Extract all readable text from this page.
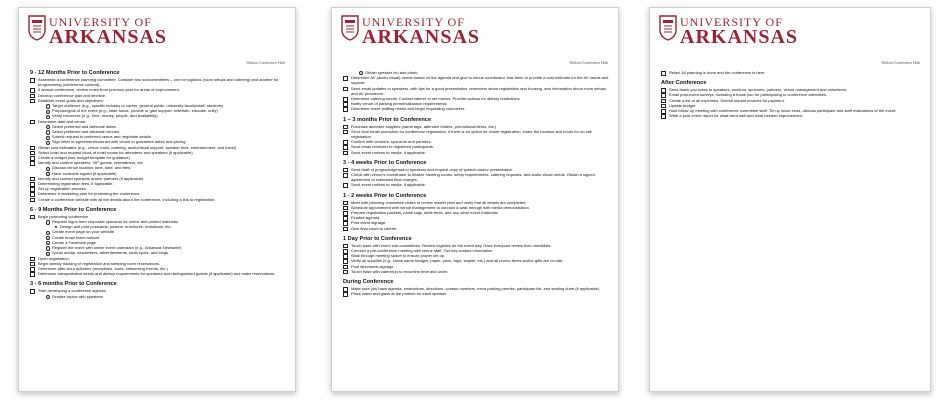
UNIVERSITY OF
ARKANSAS
Walton Conference Hub
9 - 12 Months Prior to Conference
Assemble a conference planning committee. Consider two subcommittees – one for logistics (room setups and catering) and another for programming (conference content).
If annual conference, review notes from previous year for areas of improvement.
Develop conference plan and timeline.
Establish event goals and objectives:
Target audience (e.g., specific industry or career, general public, university faculty/staff, students)
Purpose/goal of the event (e.g., raise funds, provide or gain support, entertain, educate, unify)
Verify resources (e.g., time, money, people, and availability).
Determine date and venue:
Select preferred and alternate dates.
Select preferred and alternate venues.
Submit request to preferred venue and negotiate details.
Sign letter of agreement/contract with venue to guarantee dates and pricing.
Obtain cost estimates (e.g., venue costs, catering, audio/visual support, speaker fees, entertainment, and travel).
Select hotel and request block of hotel rooms for attendees and speakers (if applicable).
Create a budget (see budget template for guidance).
Identify and confirm speakers, VIP guests, entertainers, etc.
Discuss venue location, time, date, and fees
Have contracts signed (if applicable)
Identify and contact sponsors and/or partners (if applicable).
Determining registration fees, if applicable.
Set up registration process.
Determine a marketing plan for promoting the conference.
Create a conference website with all the details about the conference, including a link to registration.
6 - 9 Months Prior to Conference
Begin promoting conference
Request logos from corporate sponsors for online and printed materials
Design and print postcards, posters, brochures, invitations, etc.
Create event page on your website
Create email event notices
Create a Facebook page
Register the event with online event calendars (e.g., Arkansas Newswire)
Social media, newsletters, advertisements, radio spots, and blogs.
Open registration.
Begin weekly tracking of registration and sleeping room reservations.
Determine after-hour activities (receptions, tours, networking events, etc.)
Determine transportation needs and dietary requirements for speakers and distinguished guests (if applicable) and make reservations.
3 - 6 months Prior to Conference
Start developing a conference agenda.
Finalize topics with speakers
UNIVERSITY OF
ARKANSAS
Walton Conference Hub
Obtain speaker bio and photo
Determine AV (audio-visual) needs based on the agenda and give to venue coordinator. Ask them to provide a cost estimate for the AV needs and support.
Send email updates to speakers, with tips for a good presentation, reminders about registration and housing, and information about room setups and AV provisions.
Determine catering needs. Contact caterer to set menus. Provide options for dietary restrictions.
Notify venue of parking permit/validation requirements.
Determine event staffing needs and begin requesting volunteers.
1 – 3 months Prior to Conference
Purchase attendee supplies (name tags, attendee folders, promotional items, etc.)
Send final email promotion for conference registration, if there is an option for onsite registration, share the location and hours for on-site registration.
Confirm with vendors, sponsors and partners.
Send email reminder to registered participants.
Send event notices to media, if applicable.
3 - 4 weeks Prior to Conference
Send draft of program/agenda to speakers and request copy of speech and/or presentation.
Check with venue's coordinator to finalize meeting rooms, setup requirements, catering requests, and audio visual needs. Obtain a signed agreement of estimated final charges.
Send event notices to media, if applicable.
1 - 2 weeks Prior to Conference
Meet with planning committee chairs to review master plan and verify that all details are completed.
Schedule appointment with venue management to conduct a walk through with media demonstration.
Prepare registration packets, name tags, table tents, and any other event materials.
Finalize agenda
Print event signage.
Give final count to caterer.
1 Day Prior to Conference
Touch base with event sub-committees. Review logistics for the event day. Have everyone review their checklists.
Conduct a pre-conference meeting with venue staff. Get key contact information.
Walk through meeting space to ensure proper set up.
Verify all supplies (e.g., blank name badges, paper, pens, tape, stapler, etc.) and all promo items and/or gifts are on-site.
Post directional signage.
Touch base with caterer(s) to reconfirm time and order.
During Conference
Make sure you have agenda, instructions, directions, contact numbers, extra parking permits, participant list, and seating chart (if applicable).
Place water and glass at the podium for each speaker.
UNIVERSITY OF
ARKANSAS
Walton Conference Hub
Relax! All planning is done and the conference is here.
After Conference
Send thank you notes to speakers, vendors, sponsors, partners, venue management and volunteers.
Email post-event surveys, including a thank you for participating to conference attendees.
Create a list of all expenses. Submit unpaid invoices for payment.
Update budget.
Hold follow up meeting with conference committee staff. Tie up loose ends, discuss participant and staff evaluations of the event.
Write a post-event report for what went well and what needed improvement.
